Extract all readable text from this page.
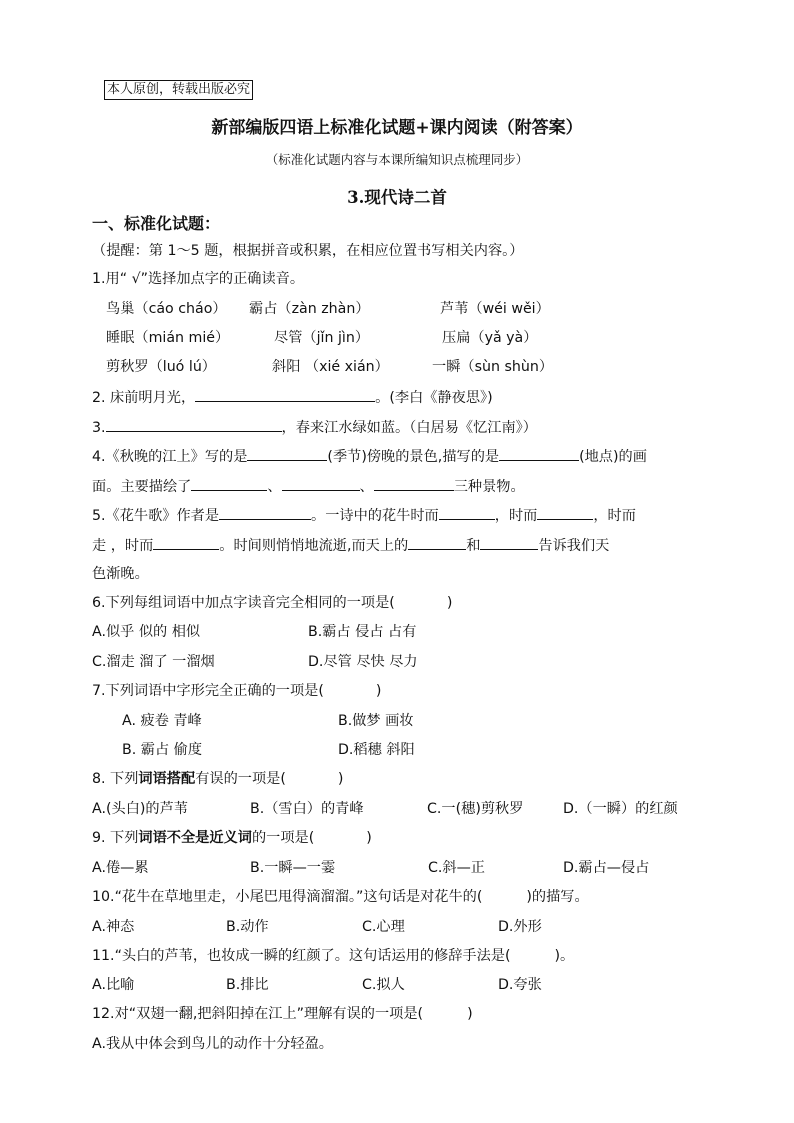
本人原创，转载出版必究
新部编版四语上标准化试题+课内阅读（附答案）
（标准化试题内容与本课所编知识点梳理同步）
3.现代诗二首
一、标准化试题：
（提醒：第 1～5 题，根据拼音或积累，在相应位置书写相关内容。）
1.用“ √”选择加点字的正确读音。
鸟巢（cáo cháo） 霸占（zàn zhàn）	芦苇（wéi wěi）
睡眠（mián mié）	尽管（jǐn jìn）	压扁（yǎ yà）
剪秋罗（luó lú）	斜阳 （xié xián）	一瞬（sùn shùn）
2. 床前明月光，	。(李白《静夜思》)
3.	，春来江水绿如蓝。（白居易《忆江南》）
4.《秋晚的江上》写的是	(季节)傍晚的景色,描写的是	(地点)的画
面。主要描绘了	、	、	三种景物。
5.《花牛歌》作者是	。一诗中的花牛时而	，时而	，时而
走 ，时而	。时间则悄悄地流逝,而天上的	和	告诉我们天
色渐晚。
6.下列每组词语中加点字读音完全相同的一项是(	)
A.似乎 似的 相似	B.霸占 侵占 占有
C.溜走 溜了 一溜烟	D.尽管 尽快 尽力
7.下列词语中字形完全正确的一项是(	)
A. 疲卷 青峰	B.做梦 画妆
B. 霸占 偷度	D.稻穗 斜阳
8. 下列词语搭配有误的一项是(	)
A.(头白)的芦苇	B.（雪白）的青峰	C.一(穗)剪秋罗	D.（一瞬）的红颜
9. 下列词语不全是近义词的一项是(	)
A.倦—累	B.一瞬—一霎	C.斜—正	D.霸占—侵占
10.“花牛在草地里走，小尾巴甩得滴溜溜。”这句话是对花牛的(	)的描写。
A.神态	B.动作	C.心理	D.外形
11.“头白的芦苇，也妆成一瞬的红颜了。这句话运用的修辞手法是(	)。
A.比喻	B.排比	C.拟人	D.夸张
12.对“双翅一翻,把斜阳掉在江上”理解有误的一项是(	)
A.我从中体会到鸟儿的动作十分轻盈。
